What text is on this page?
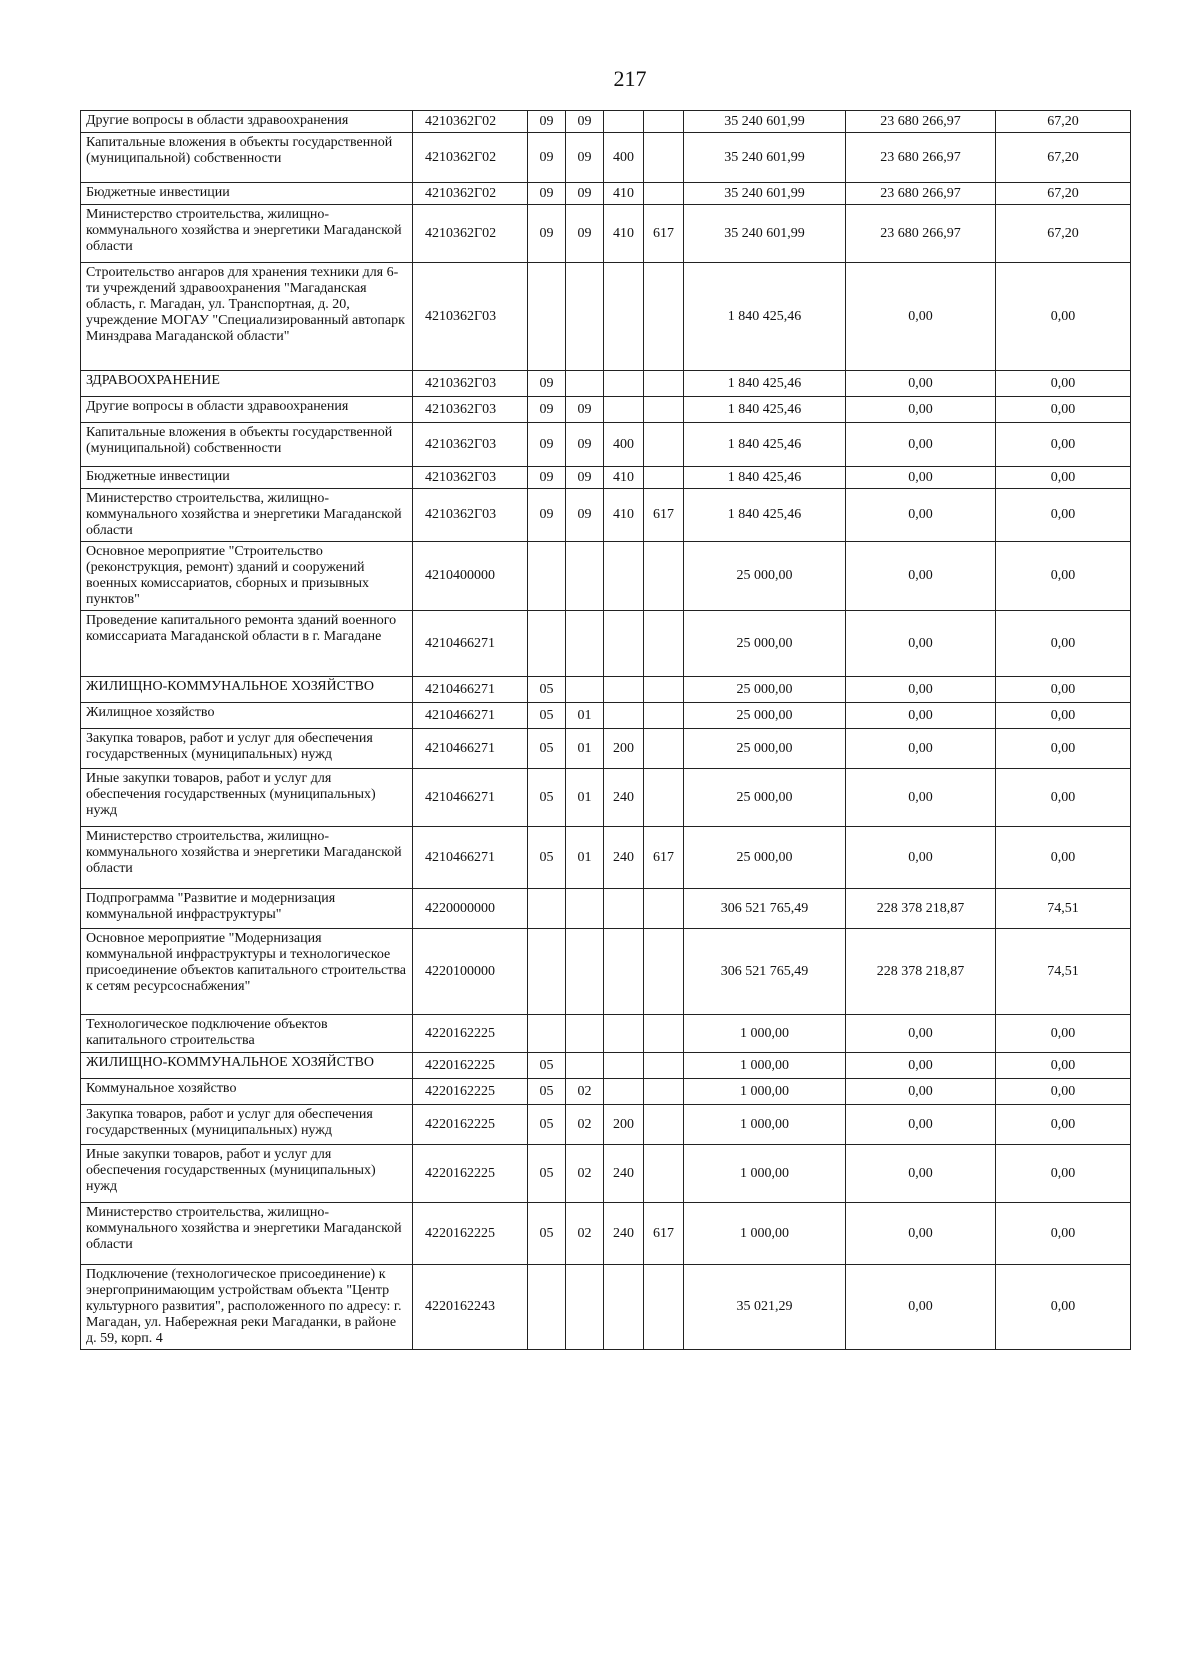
217
Другие вопросы в области здравоохранения	4210362Г02	09	09			35 240 601,99	23 680 266,97	67,20
Капитальные вложения в объекты государственной (муниципальной) собственности	4210362Г02	09	09	400		35 240 601,99	23 680 266,97	67,20
Бюджетные инвестиции	4210362Г02	09	09	410		35 240 601,99	23 680 266,97	67,20
Министерство строительства, жилищно-коммунального хозяйства и энергетики Магаданской области	4210362Г02	09	09	410	617	35 240 601,99	23 680 266,97	67,20
Строительство ангаров для хранения техники для 6-ти учреждений здравоохранения "Магаданская область, г. Магадан, ул. Транспортная, д. 20, учреждение МОГАУ "Специализированный автопарк Минздрава Магаданской области"	4210362Г03					1 840 425,46	0,00	0,00
ЗДРАВООХРАНЕНИЕ	4210362Г03	09				1 840 425,46	0,00	0,00
Другие вопросы в области здравоохранения	4210362Г03	09	09			1 840 425,46	0,00	0,00
Капитальные вложения в объекты государственной (муниципальной) собственности	4210362Г03	09	09	400		1 840 425,46	0,00	0,00
Бюджетные инвестиции	4210362Г03	09	09	410		1 840 425,46	0,00	0,00
Министерство строительства, жилищно-коммунального хозяйства и энергетики Магаданской области	4210362Г03	09	09	410	617	1 840 425,46	0,00	0,00
Основное мероприятие "Строительство (реконструкция, ремонт) зданий и сооружений военных комиссариатов, сборных и призывных пунктов"	4210400000					25 000,00	0,00	0,00
Проведение капитального ремонта зданий военного комиссариата Магаданской области в г. Магадане	4210466271					25 000,00	0,00	0,00
ЖИЛИЩНО-КОММУНАЛЬНОЕ ХОЗЯЙСТВО	4210466271	05				25 000,00	0,00	0,00
Жилищное хозяйство	4210466271	05	01			25 000,00	0,00	0,00
Закупка товаров, работ и услуг для обеспечения государственных (муниципальных) нужд	4210466271	05	01	200		25 000,00	0,00	0,00
Иные закупки товаров, работ и услуг для обеспечения государственных (муниципальных) нужд	4210466271	05	01	240		25 000,00	0,00	0,00
Министерство строительства, жилищно-коммунального хозяйства и энергетики Магаданской области	4210466271	05	01	240	617	25 000,00	0,00	0,00
Подпрограмма "Развитие и модернизация коммунальной инфраструктуры"	4220000000					306 521 765,49	228 378 218,87	74,51
Основное мероприятие "Модернизация коммунальной инфраструктуры и технологическое присоединение объектов капитального строительства к сетям ресурсоснабжения"	4220100000					306 521 765,49	228 378 218,87	74,51
Технологическое подключение объектов капитального строительства	4220162225					1 000,00	0,00	0,00
ЖИЛИЩНО-КОММУНАЛЬНОЕ ХОЗЯЙСТВО	4220162225	05				1 000,00	0,00	0,00
Коммунальное хозяйство	4220162225	05	02			1 000,00	0,00	0,00
Закупка товаров, работ и услуг для обеспечения государственных (муниципальных) нужд	4220162225	05	02	200		1 000,00	0,00	0,00
Иные закупки товаров, работ и услуг для обеспечения государственных (муниципальных) нужд	4220162225	05	02	240		1 000,00	0,00	0,00
Министерство строительства, жилищно-коммунального хозяйства и энергетики Магаданской области	4220162225	05	02	240	617	1 000,00	0,00	0,00
Подключение (технологическое присоединение) к энергопринимающим устройствам объекта "Центр культурного развития", расположенного по адресу: г. Магадан, ул. Набережная реки Магаданки, в районе д. 59, корп. 4	4220162243					35 021,29	0,00	0,00
